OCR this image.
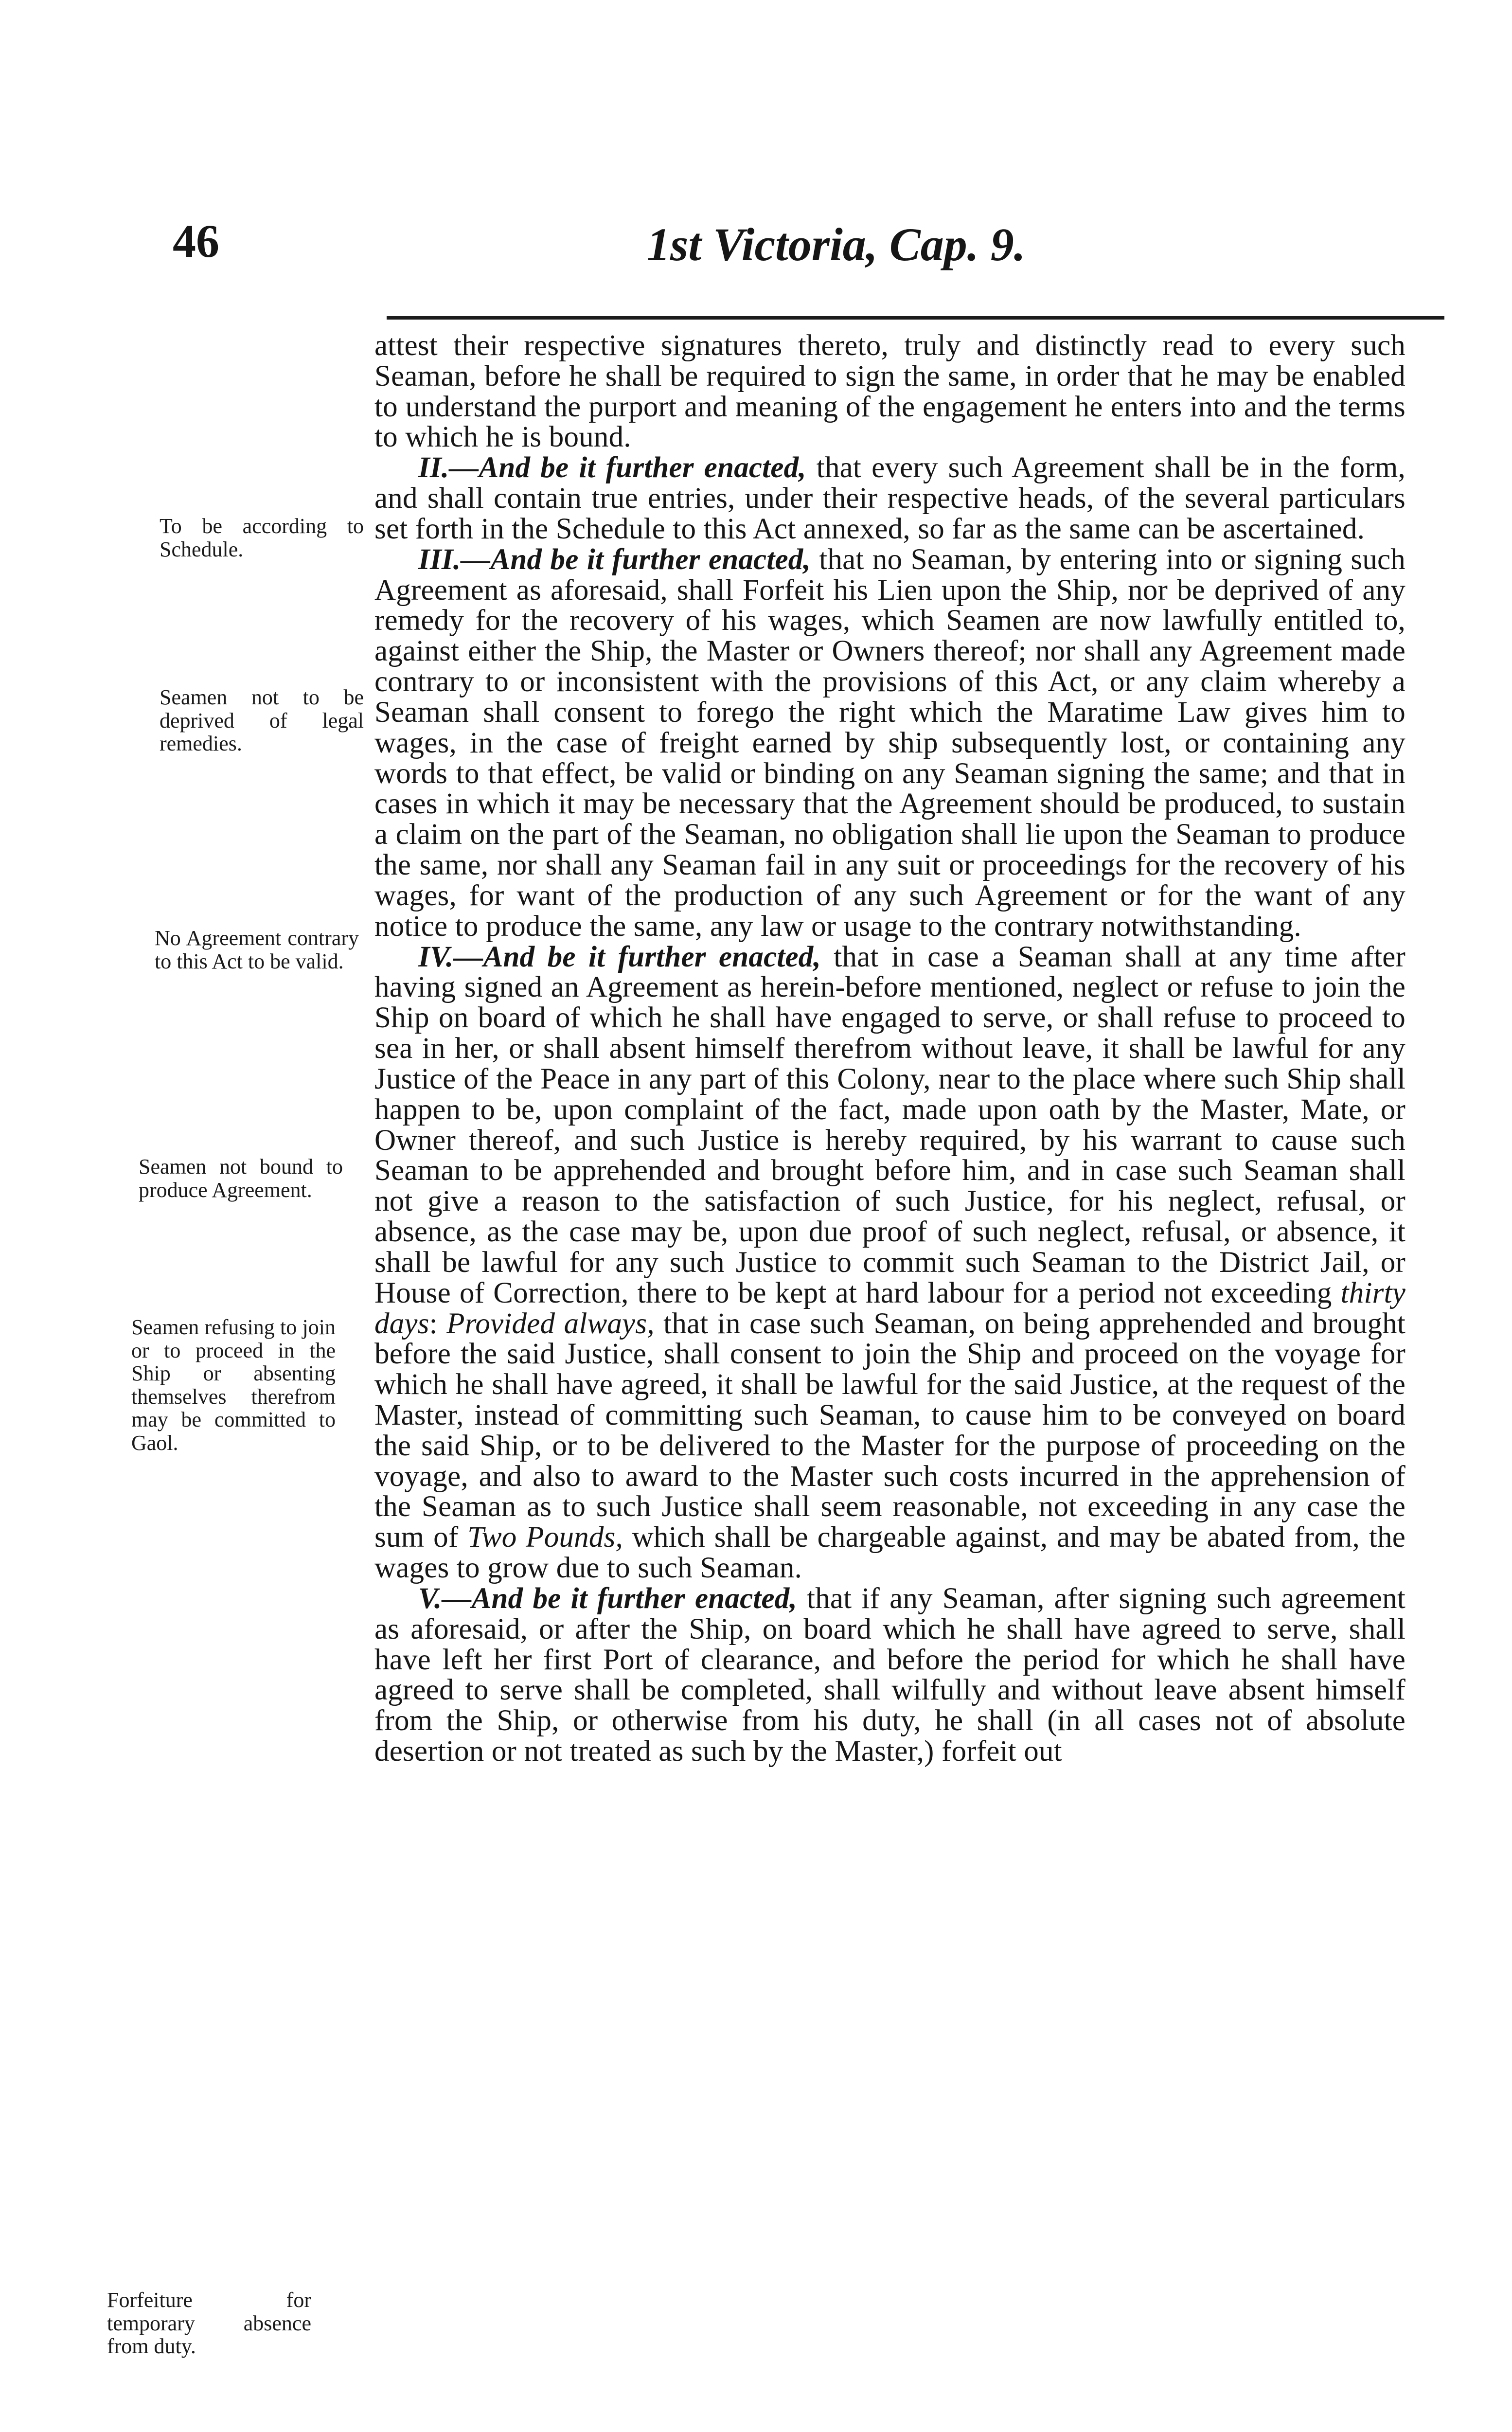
46	1st Victoria, Cap. 9.
To be according to Schedule.
Seamen not to be deprived of legal remedies.
No Agreement contrary to this Act to be valid.
Seamen not bound to produce Agreement.
Seamen refusing to join or to proceed in the Ship or absenting themselves therefrom may be committed to Gaol.
Forfeiture for temporary absence from duty.

attest their respective signatures thereto, truly and distinctly read to every such Seaman, before he shall be required to sign the same, in order that he may be enabled to understand the purport and meaning of the engagement he enters into and the terms to which he is bound.

II.—And be it further enacted, that every such Agreement shall be in the form, and shall contain true entries, under their respective heads, of the several particulars set forth in the Schedule to this Act annexed, so far as the same can be ascertained.

III.—And be it further enacted, that no Seaman, by entering into or signing such Agreement as aforesaid, shall Forfeit his Lien upon the Ship, nor be deprived of any remedy for the recovery of his wages, which Seamen are now lawfully entitled to, against either the Ship, the Master or Owners thereof; nor shall any Agreement made contrary to or inconsistent with the provisions of this Act, or any claim whereby a Seaman shall consent to forego the right which the Maratime Law gives him to wages, in the case of freight earned by ship subsequently lost, or containing any words to that effect, be valid or binding on any Seaman signing the same; and that in cases in which it may be necessary that the Agreement should be produced, to sustain a claim on the part of the Seaman, no obligation shall lie upon the Seaman to produce the same, nor shall any Seaman fail in any suit or proceedings for the recovery of his wages, for want of the production of any such Agreement or for the want of any notice to produce the same, any law or usage to the contrary notwithstanding.

IV.—And be it further enacted, that in case a Seaman shall at any time after having signed an Agreement as herein-before mentioned, neglect or refuse to join the Ship on board of which he shall have engaged to serve, or shall refuse to proceed to sea in her, or shall absent himself therefrom without leave, it shall be lawful for any Justice of the Peace in any part of this Colony, near to the place where such Ship shall happen to be, upon complaint of the fact, made upon oath by the Master, Mate, or Owner thereof, and such Justice is hereby required, by his warrant to cause such Seaman to be apprehended and brought before him, and in case such Seaman shall not give a reason to the satisfaction of such Justice, for his neglect, refusal, or absence, as the case may be, upon due proof of such neglect, refusal, or absence, it shall be lawful for any such Justice to commit such Seaman to the District Jail, or House of Correction, there to be kept at hard labour for a period not exceeding thirty days: Provided always, that in case such Seaman, on being apprehended and brought before the said Justice, shall consent to join the Ship and proceed on the voyage for which he shall have agreed, it shall be lawful for the said Justice, at the request of the Master, instead of committing such Seaman, to cause him to be conveyed on board the said Ship, or to be delivered to the Master for the purpose of proceeding on the voyage, and also to award to the Master such costs incurred in the apprehension of the Seaman as to such Justice shall seem reasonable, not exceeding in any case the sum of Two Pounds, which shall be chargeable against, and may be abated from, the wages to grow due to such Seaman.

V.—And be it further enacted, that if any Seaman, after signing such agreement as aforesaid, or after the Ship, on board which he shall have agreed to serve, shall have left her first Port of clearance, and before the period for which he shall have agreed to serve shall be completed, shall wilfully and without leave absent himself from the Ship, or otherwise from his duty, he shall (in all cases not of absolute desertion or not treated as such by the Master,) forfeit out
